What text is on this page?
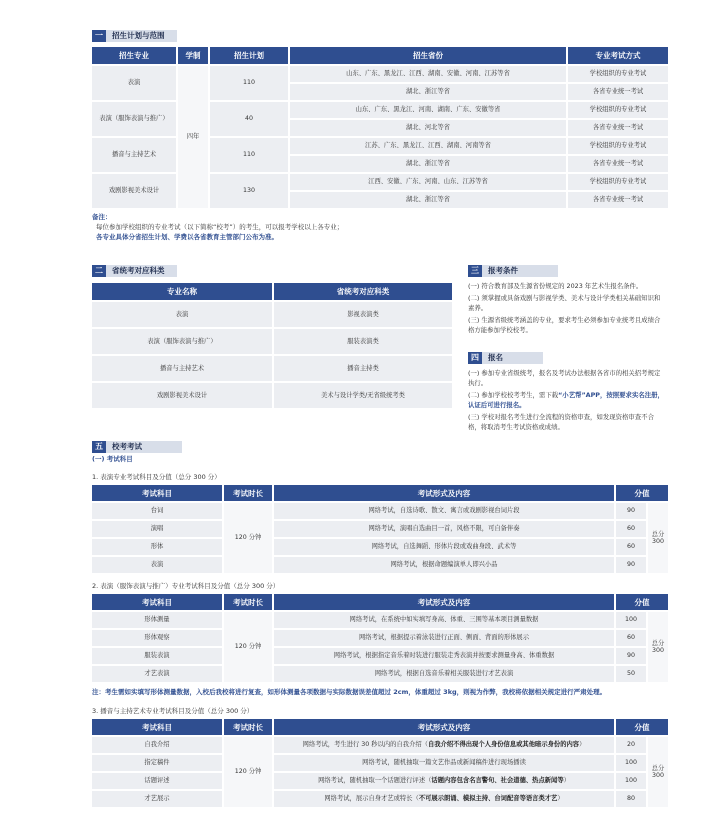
一	招生计划与范围
招生专业	学制	招生计划	招生省份	专业考试方式
表演	四年	110	山东、广东、黑龙江、江西、湖南、安徽、河南、江苏等省	学校组织的专业考试
			湖北、浙江等省	各省专业统一考试
表演（服饰表演与推广）		40	山东、广东、黑龙江、河南、湖南、广东、安徽等省	学校组织的专业考试
			湖北、河北等省	各省专业统一考试
播音与主持艺术		110	江苏、广东、黑龙江、江西、湖南、河南等省	学校组织的专业考试
			湖北、浙江等省	各省专业统一考试
戏剧影视美术设计		130	江西、安徽、广东、河南、山东、江苏等省	学校组织的专业考试
			湖北、浙江等省	各省专业统一考试
备注：
每位参加学校组织的专业考试（以下简称“校考”）的考生，可以报考学校以上各专业；
各专业具体分省招生计划、学费以各省教育主管部门公布为准。
二	省统考对应科类
专业名称	省统考对应科类
表演	影视表演类
表演（服饰表演与推广）	服装表演类
播音与主持艺术	播音主持类
戏剧影视美术设计	美术与设计学类/无省级统考类
三	报考条件

(一) 符合教育部及生源省份规定的 2023 年艺术生报名条件。

(二) 须掌握或具备戏剧与影视学类、美术与设计学类相关基础知识和素养。

(三) 生源省级统考涵盖的专业，要求考生必须参加专业统考且成绩合格方能参加学校校考。

四	报名

(一) 参加专业省级统考，报名及考试办法根据各省市的相关招考规定执行。

(二) 参加学校校考考生，需下载“小艺帮”APP，按照要求实名注册，认证后可进行报名。

(三) 学校对报名考生进行全流程的资格审查，如发现资格审查不合格，将取消考生考试资格或成绩。

五	校考考试
(一) 考试科目
1. 表演专业考试科目及分值（总分 300 分）
考试科目	考试时长	考试形式及内容	分值	
台词	120 分钟	网络考试，自选诗歌、散文、寓言或戏剧影视台词片段	90	总分 300
演唱		网络考试，演唱自选曲目一首，风格不限，可自备伴奏	60	
形体		网络考试，自选舞蹈、形体片段或戏曲身段、武术等	60	
表演		网络考试，根据命题编演单人即兴小品	90	
2. 表演（服饰表演与推广）专业考试科目及分值（总分 300 分）
考试科目	考试时长	考试形式及内容	分值	
形体测量	120 分钟	网络考试，在系统中如实填写身高、体重、三围等基本项目测量数据	100	总分 300
形体观察		网络考试，根据提示着泳装进行正面、侧面、背面的形体展示	60	
服装表演		网络考试，根据指定音乐着时装进行服装走秀表演并按要求测量身高、体重数据	90	
才艺表演		网络考试，根据自选音乐着相关服装进行才艺表演	50	
注：考生需如实填写形体测量数据，入校后我校将进行复查，如形体测量各项数据与实际数据误差值超过 2cm，体重超过 3kg，则视为作弊，我校将依据相关规定进行严肃处理。
3. 播音与主持艺术专业考试科目及分值（总分 300 分）
考试科目	考试时长	考试形式及内容	分值	
自我介绍	120 分钟	网络考试，考生进行 30 秒以内的自我介绍（自我介绍不得出现个人身份信息或其他暗示身份的内容）	20	总分 300
指定稿件		网络考试，随机抽取一篇文艺作品或新闻稿件进行现场播读	100	
话题评述		网络考试，随机抽取一个话题进行评述（话题内容包含名言警句、社会道德、热点新闻等）	100	
才艺展示		网络考试，展示自身才艺或特长（不可展示朗诵、模拟主持、台词配音等语言类才艺）	80	
